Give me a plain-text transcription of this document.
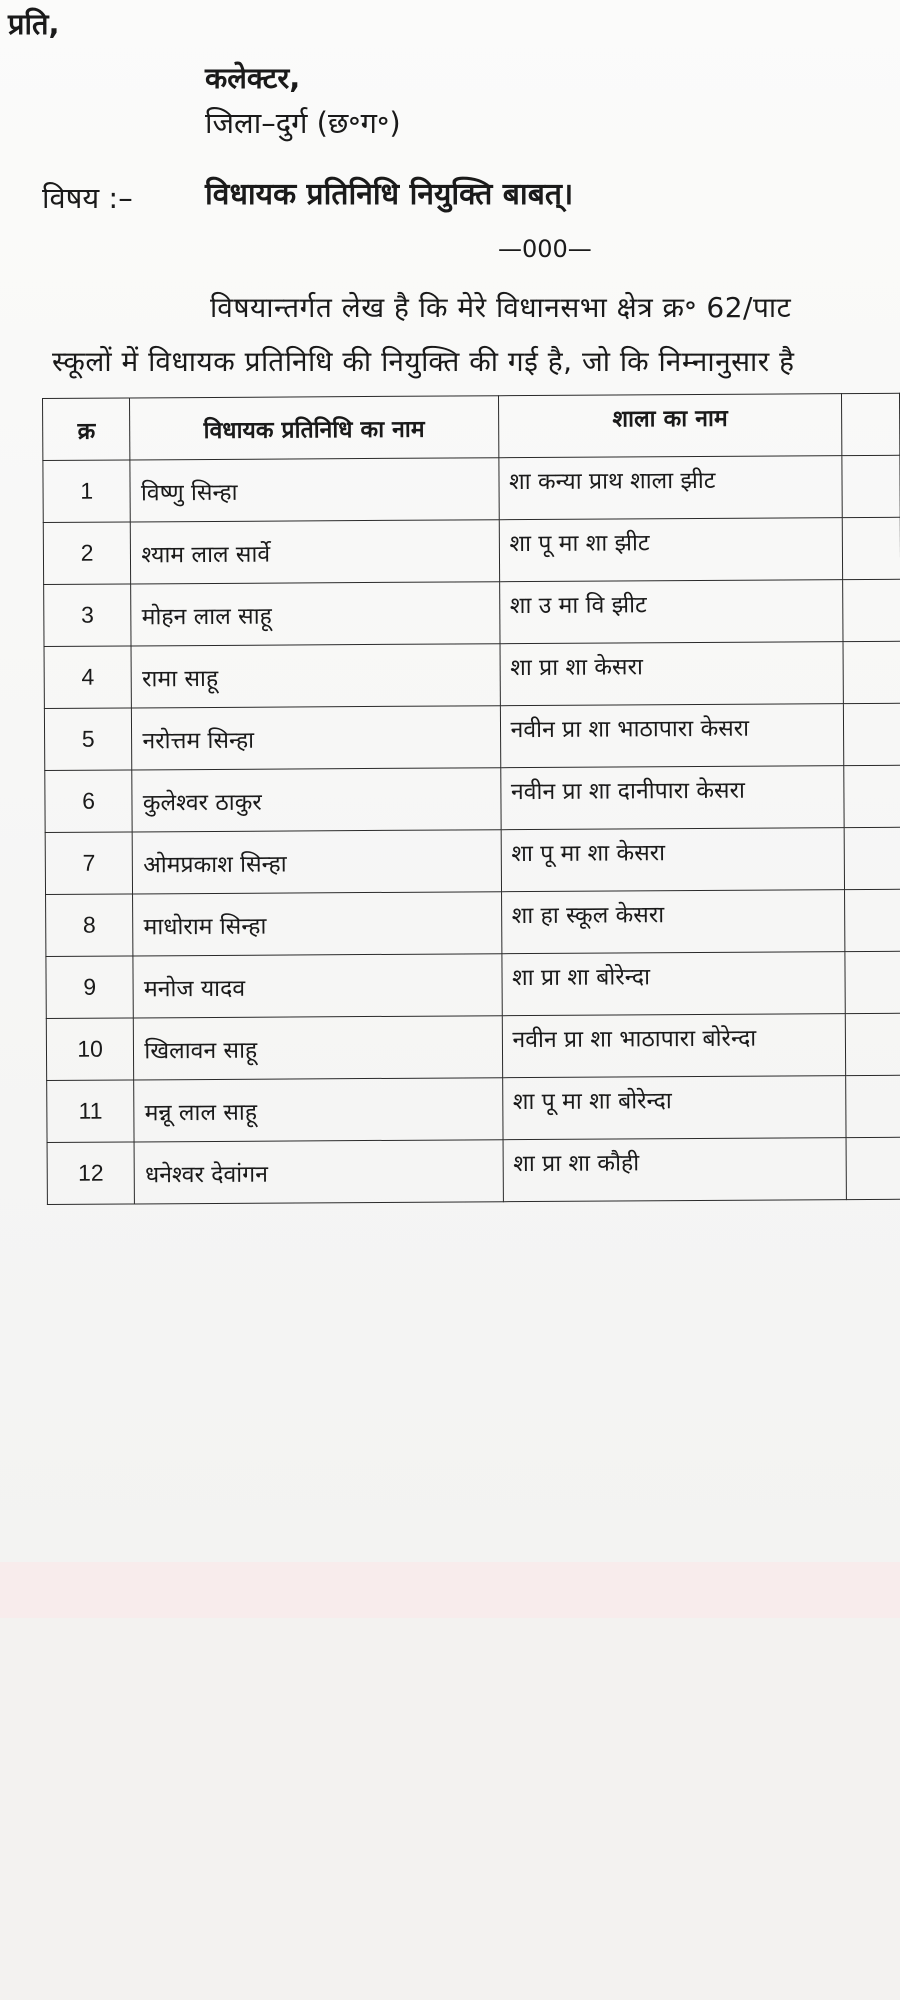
प्रति,
कलेक्टर,
जिला–दुर्ग (छ॰ग॰)
विषय :– विधायक प्रतिनिधि नियुक्ति बाबत्।
—000—
विषयान्तर्गत लेख है कि मेरे विधानसभा क्षेत्र क्र॰ 62/पाट
स्कूलों में विधायक प्रतिनिधि की नियुक्ति की गई है, जो कि निम्नानुसार है
क्र	विधायक प्रतिनिधि का नाम	शाला का नाम	
1	विष्णु सिन्हा	शा कन्या प्राथ शाला झीट	
2	श्याम लाल सार्वे	शा पू मा शा झीट	
3	मोहन लाल साहू	शा उ मा वि झीट	
4	रामा साहू	शा प्रा शा केसरा	
5	नरोत्तम सिन्हा	नवीन प्रा शा भाठापारा केसरा	
6	कुलेश्वर ठाकुर	नवीन प्रा शा दानीपारा केसरा	
7	ओमप्रकाश सिन्हा	शा पू मा शा केसरा	
8	माधोराम सिन्हा	शा हा स्कूल केसरा	
9	मनोज यादव	शा प्रा शा बोरेन्दा	
10	खिलावन साहू	नवीन प्रा शा भाठापारा बोरेन्दा	
11	मन्नू लाल साहू	शा पू मा शा बोरेन्दा	
12	धनेश्वर देवांगन	शा प्रा शा कौही	
